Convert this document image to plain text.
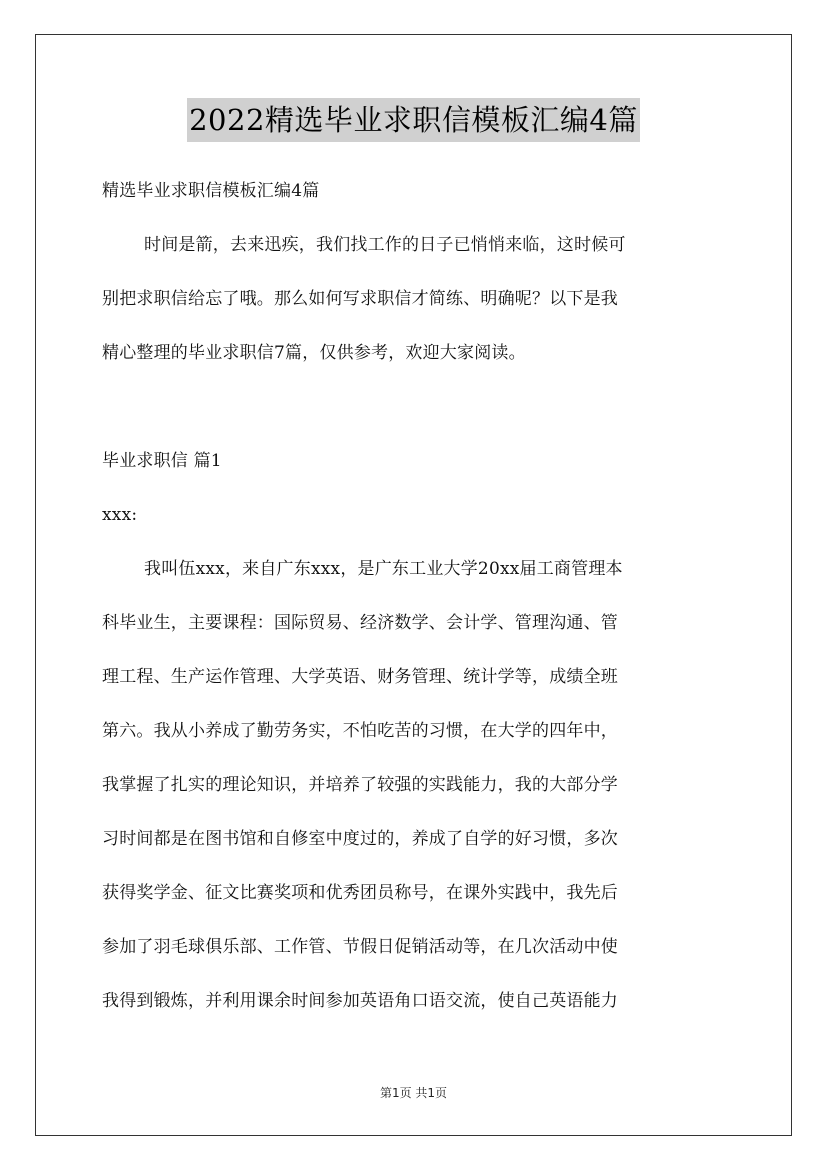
2022精选毕业求职信模板汇编4篇
精选毕业求职信模板汇编4篇
时间是箭，去来迅疾，我们找工作的日子已悄悄来临，这时候可
别把求职信给忘了哦。那么如何写求职信才简练、明确呢？以下是我
精心整理的毕业求职信7篇，仅供参考，欢迎大家阅读。
毕业求职信 篇1
xxx:
我叫伍xxx，来自广东xxx，是广东工业大学20xx届工商管理本
科毕业生，主要课程：国际贸易、经济数学、会计学、管理沟通、管
理工程、生产运作管理、大学英语、财务管理、统计学等，成绩全班
第六。我从小养成了勤劳务实，不怕吃苦的习惯，在大学的四年中，
我掌握了扎实的理论知识，并培养了较强的实践能力，我的大部分学
习时间都是在图书馆和自修室中度过的，养成了自学的好习惯，多次
获得奖学金、征文比赛奖项和优秀团员称号，在课外实践中，我先后
参加了羽毛球俱乐部、工作管、节假日促销活动等，在几次活动中使
我得到锻炼，并利用课余时间参加英语角口语交流，使自己英语能力
第1页 共1页
